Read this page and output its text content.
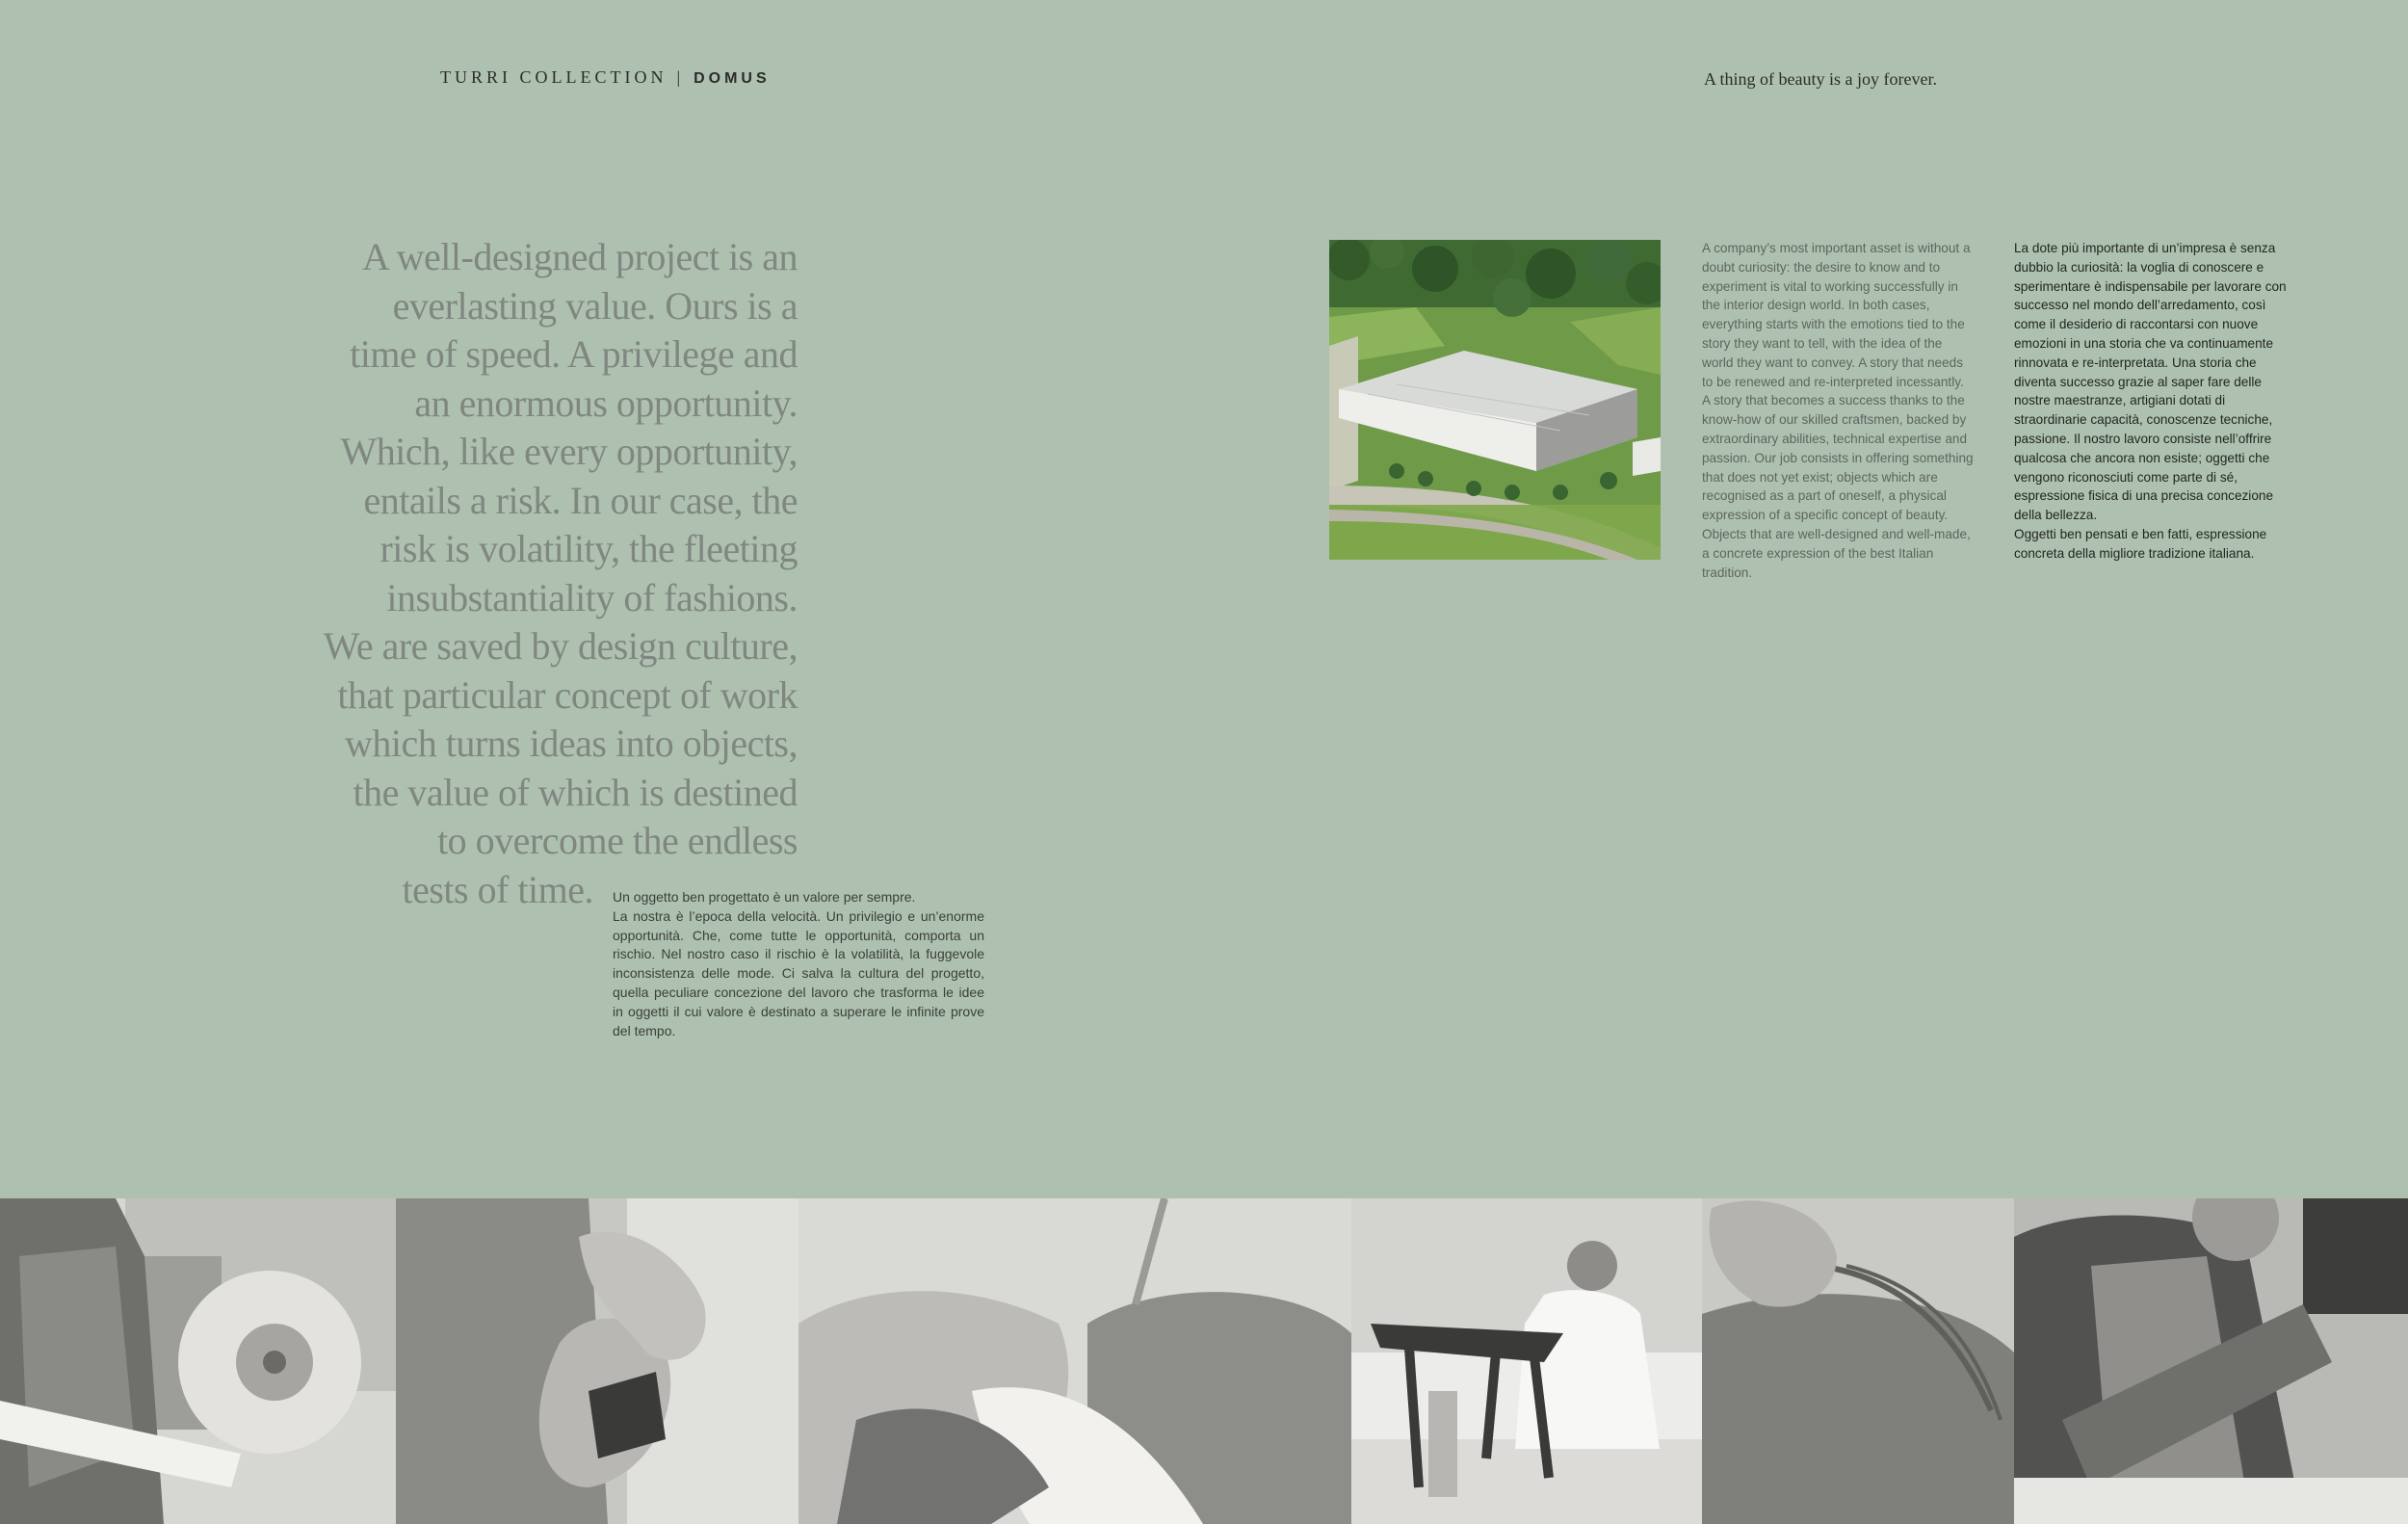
TURRI COLLECTION | DOMUS	A thing of beauty is a joy forever.
A well-designed project is an
everlasting value. Ours is a
time of speed. A privilege and
an enormous opportunity.
Which, like every opportunity,
entails a risk. In our case, the
risk is volatility, the fleeting
insubstantiality of fashions.
We are saved by design culture,
that particular concept of work
which turns ideas into objects,
the value of which is destined
to overcome the endless
tests of time. Un oggetto ben progettato è un valore per sempre.

La nostra è l’epoca della velocità. Un privilegio e un’enorme opportunità. Che, come tutte le opportunità, comporta un rischio. Nel nostro caso il rischio è la volatilità, la fuggevole inconsistenza delle mode. Ci salva la cultura del progetto, quella peculiare concezione del lavoro che trasforma le idee in oggetti il cui valore è destinato a superare le infinite prove del tempo.

A company’s most important asset is without a doubt curiosity: the desire to know and to experiment is vital to working successfully in the interior design world. In both cases, everything starts with the emotions tied to the story they want to tell, with the idea of the world they want to convey. A story that needs to be renewed and re-interpreted incessantly. A story that becomes a success thanks to the know-how of our skilled craftsmen, backed by extraordinary abilities, technical expertise and passion. Our job consists in offering something that does not yet exist; objects which are recognised as a part of oneself, a physical expression of a specific concept of beauty.

Objects that are well-designed and well-made, a concrete expression of the best Italian tradition.

La dote più importante di un’impresa è senza dubbio la curiosità: la voglia di conoscere e sperimentare è indispensabile per lavorare con successo nel mondo dell’arredamento, così come il desiderio di raccontarsi con nuove emozioni in una storia che va continuamente rinnovata e re-interpretata. Una storia che diventa successo grazie al saper fare delle nostre maestranze, artigiani dotati di straordinarie capacità, conoscenze tecniche, passione. Il nostro lavoro consiste nell’offrire qualcosa che ancora non esiste; oggetti che vengono riconosciuti come parte di sé, espressione fisica di una precisa concezione della bellezza.

Oggetti ben pensati e ben fatti, espressione concreta della migliore tradizione italiana.
